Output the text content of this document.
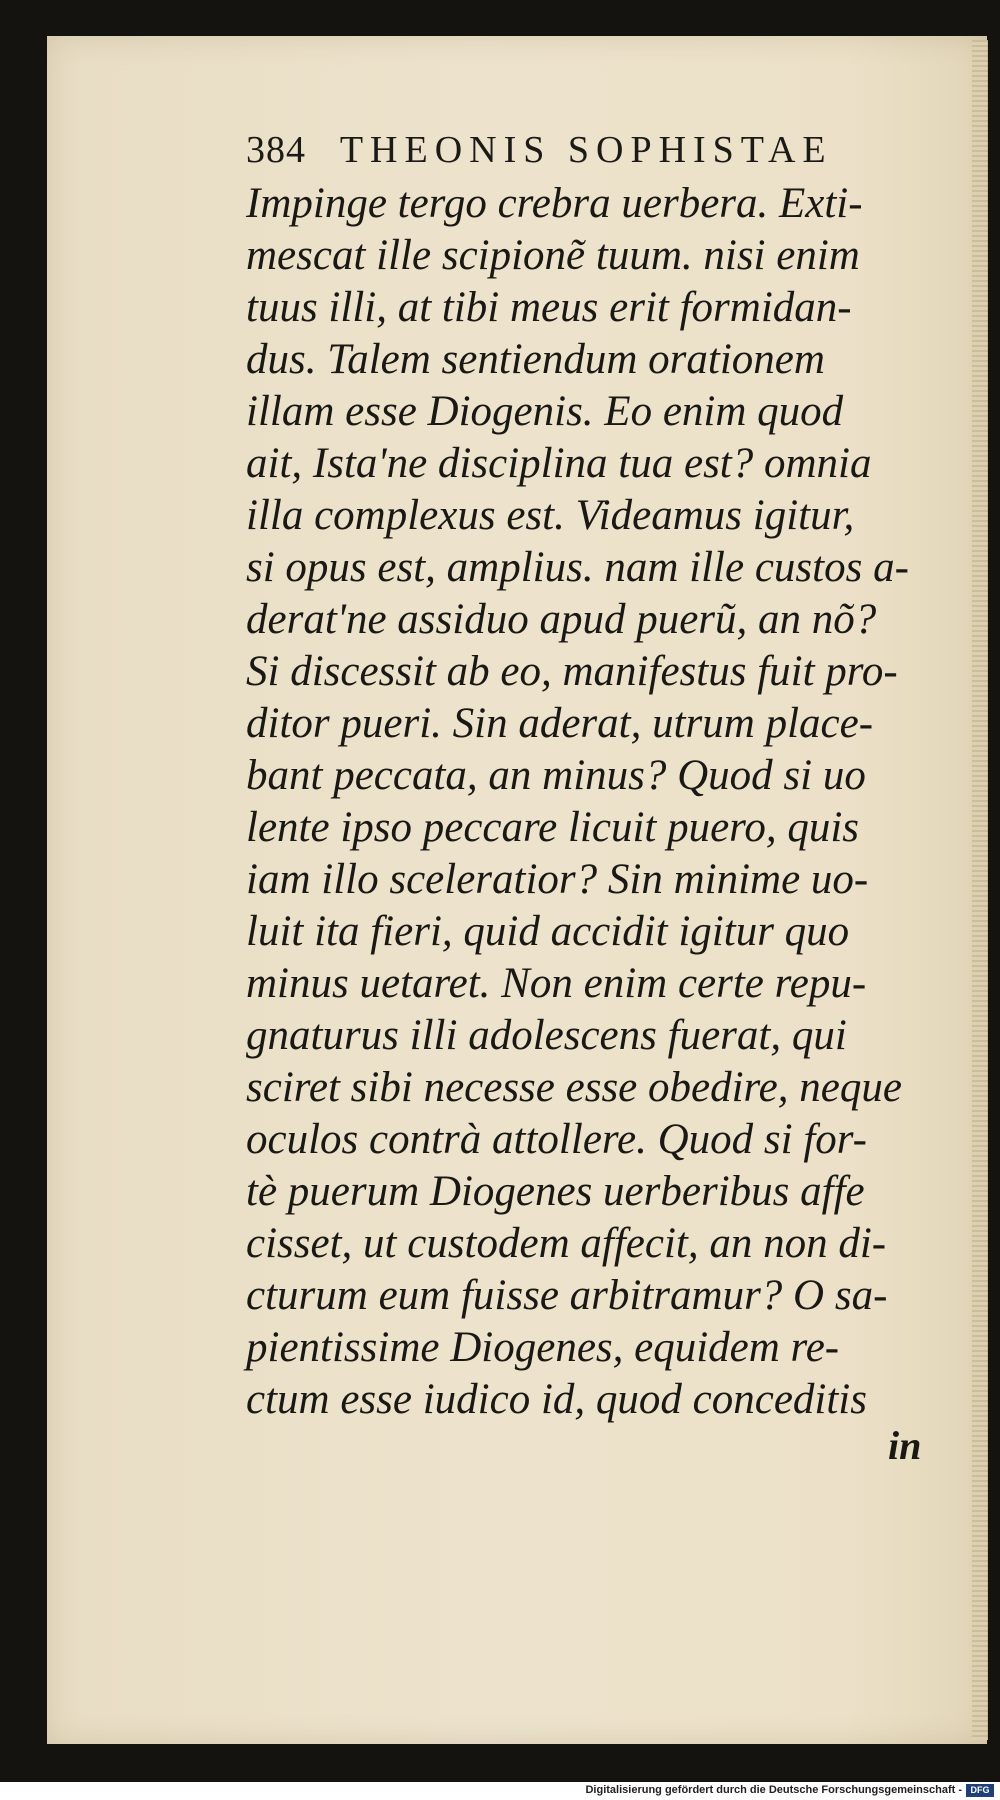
384 THEONIS SOPHISTAE
Impinge tergo crebra uerbera. Exti-
mescat ille scipionẽ tuum. nisi enim
tuus illi, at tibi meus erit formidan-
dus. Talem sentiendum orationem
illam esse Diogenis. Eo enim quod
ait, Ista'ne disciplina tua est? omnia
illa complexus est. Videamus igitur,
si opus est, amplius. nam ille custos a-
derat'ne assiduo apud puerũ, an nõ?
Si discessit ab eo, manifestus fuit pro-
ditor pueri. Sin aderat, utrum place-
bant peccata, an minus? Quod si uo
lente ipso peccare licuit puero, quis
iam illo sceleratior? Sin minime uo-
luit ita fieri, quid accidit igitur quo
minus uetaret. Non enim certe repu-
gnaturus illi adolescens fuerat, qui
sciret sibi necesse esse obedire, neque
oculos contrà attollere. Quod si for-
tè puerum Diogenes uerberibus affe
cisset, ut custodem affecit, an non di-
cturum eum fuisse arbitramur? O sa-
pientissime Diogenes, equidem re-
ctum esse iudico id, quod conceditis
in
Digitalisierung gefördert durch die Deutsche Forschungsgemeinschaft - DFG
